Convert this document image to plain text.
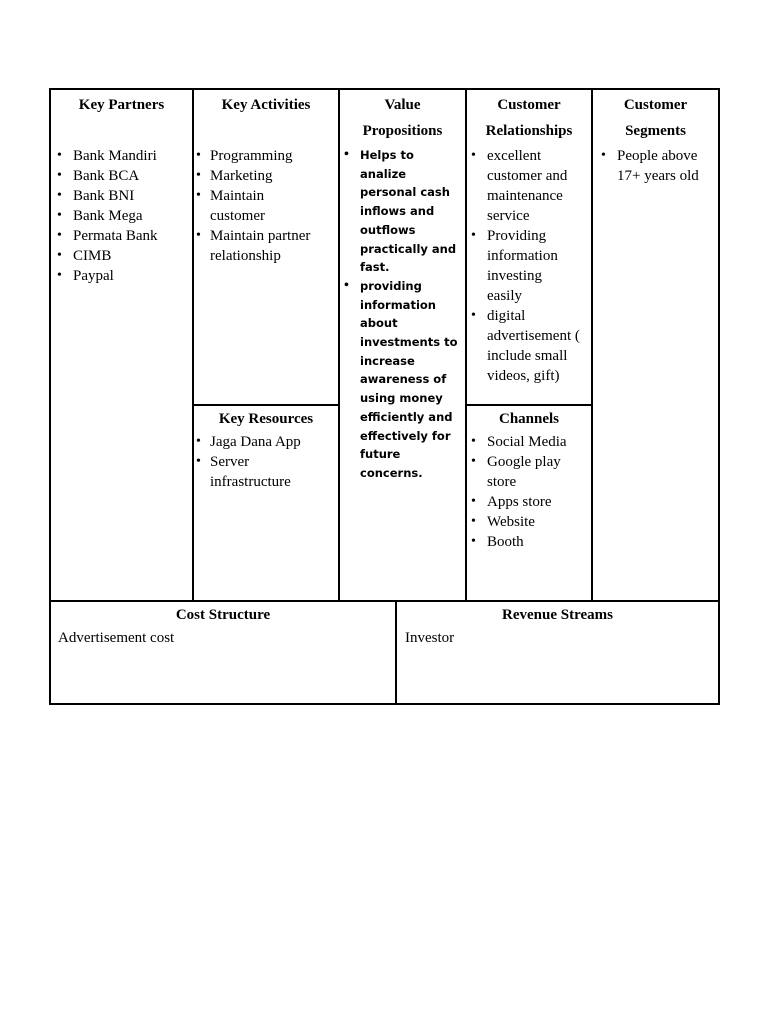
Key Partners
• Bank Mandiri
• Bank BCA
• Bank BNI
• Bank Mega
• Permata Bank
• CIMB
• Paypal
Key Activities
• Programming
• Marketing
• Maintain customer
• Maintain partner relationship
Key Resources
• Jaga Dana App
• Server infrastructure
Value Propositions
• Helps to analize personal cash inflows and outflows practically and fast.
• providing information about investments to increase awareness of using money efficiently and effectively for future concerns.
Customer Relationships
• excellent customer and maintenance service
• Providing information investing easily
• digital advertisement ( include small videos, gift)
Channels
• Social Media
• Google play store
• Apps store
• Website
• Booth
Customer Segments
• People above 17+ years old
Cost Structure
Advertisement cost
Revenue Streams
Investor
